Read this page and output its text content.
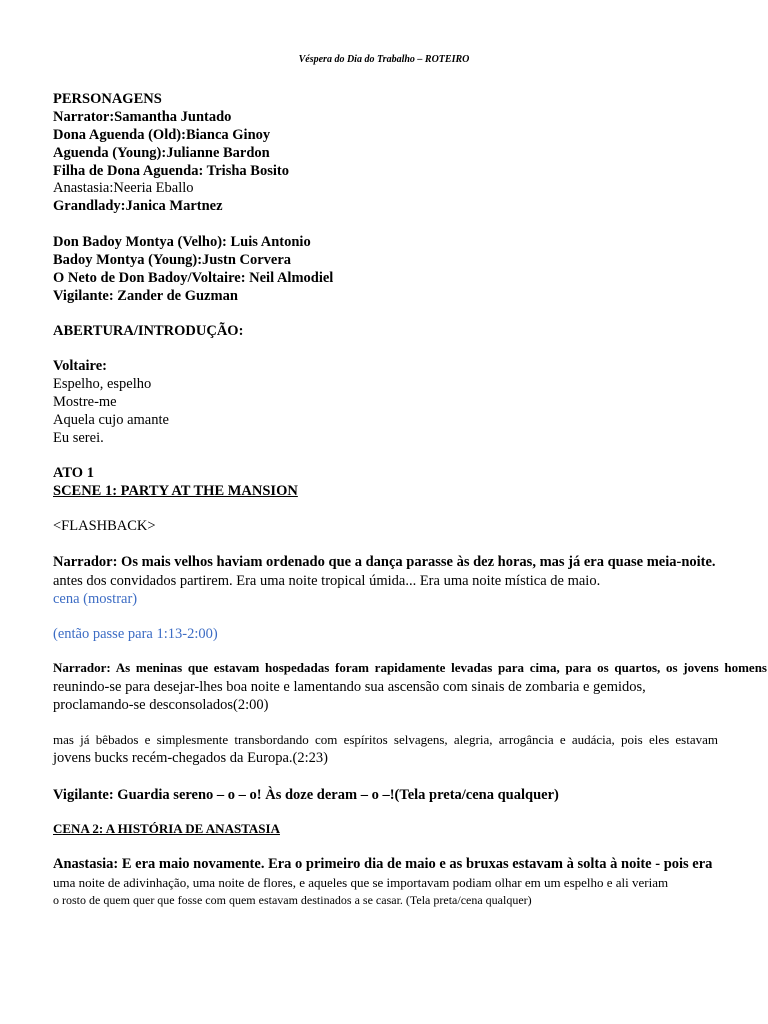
Véspera do Dia do Trabalho – ROTEIRO
PERSONAGENS
Narrator:Samantha Juntado
Dona Aguenda (Old):Bianca Ginoy
Aguenda (Young):Julianne Bardon
Filha de Dona Aguenda: Trisha Bosito
Anastasia:Neeria Eballo
Grandlady:Janica Martnez
Don Badoy Montya (Velho): Luis Antonio
Badoy Montya (Young):Justn Corvera
O Neto de Don Badoy/Voltaire: Neil Almodiel
Vigilante: Zander de Guzman
ABERTURA/INTRODUÇÃO:
Voltaire:
Espelho, espelho
Mostre-me
Aquela cujo amante
Eu serei.
ATO 1
SCENE 1: PARTY AT THE MANSION
<FLASHBACK>
Narrador: Os mais velhos haviam ordenado que a dança parasse às dez horas, mas já era quase meia-noite.
antes dos convidados partirem. Era uma noite tropical úmida... Era uma noite mística de maio.
cena (mostrar)
(então passe para 1:13-2:00)
Narrador: As meninas que estavam hospedadas foram rapidamente levadas para cima, para os quartos, os jovens homens
reunindo-se para desejar-lhes boa noite e lamentando sua ascensão com sinais de zombaria e gemidos,
proclamando-se desconsolados(2:00)
mas já bêbados e simplesmente transbordando com espíritos selvagens, alegria, arrogância e audácia, pois eles estavam
jovens bucks recém-chegados da Europa.(2:23)
Vigilante: Guardia sereno – o – o! Às doze deram – o –!(Tela preta/cena qualquer)
CENA 2: A HISTÓRIA DE ANASTASIA
Anastasia: E era maio novamente. Era o primeiro dia de maio e as bruxas estavam à solta à noite - pois era
uma noite de adivinhação, uma noite de flores, e aqueles que se importavam podiam olhar em um espelho e ali veriam
o rosto de quem quer que fosse com quem estavam destinados a se casar. (Tela preta/cena qualquer)
